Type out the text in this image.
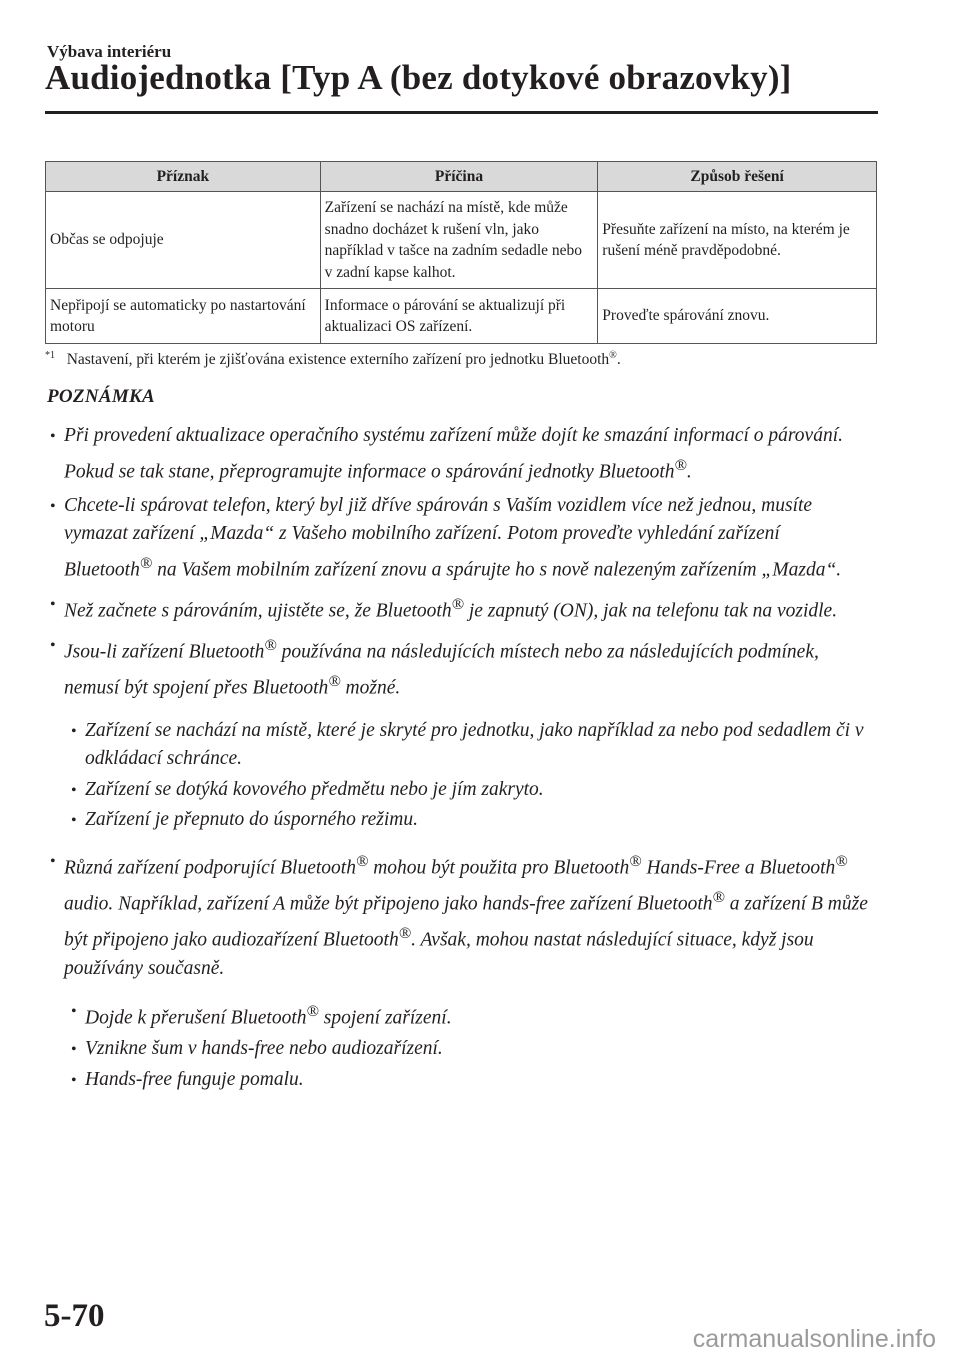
Výbava interiéru
Audiojednotka [Typ A (bez dotykové obrazovky)]
Příznak	Příčina	Způsob řešení
Občas se odpojuje	Zařízení se nachází na místě, kde může snadno docházet k rušení vln, jako například v tašce na zadním sedadle nebo v zadní kapse kalhot.	Přesuňte zařízení na místo, na kterém je rušení méně pravděpodobné.
Nepřipojí se automaticky po nastartování motoru	Informace o párování se aktualizují při aktualizaci OS zařízení.	Proveďte spárování znovu.
$^{*1}$ Nastavení, při kterém je zjišťována existence externího zařízení pro jednotku Bluetooth®.
POZNÁMKA
• Při provedení aktualizace operačního systému zařízení může dojít ke smazání informací o párování. Pokud se tak stane, přeprogramujte informace o spárování jednotky Bluetooth®.
• Chcete-li spárovat telefon, který byl již dříve spárován s Vaším vozidlem více než jednou, musíte vymazat zařízení „Mazda“ z Vašeho mobilního zařízení. Potom proveďte vyhledání zařízení Bluetooth® na Vašem mobilním zařízení znovu a spárujte ho s nově nalezeným zařízením „Mazda“.
• Než začnete s párováním, ujistěte se, že Bluetooth® je zapnutý (ON), jak na telefonu tak na vozidle.
• Jsou-li zařízení Bluetooth® používána na následujících místech nebo za následujících podmínek, nemusí být spojení přes Bluetooth® možné.
• Zařízení se nachází na místě, které je skryté pro jednotku, jako například za nebo pod sedadlem či v odkládací schránce.
• Zařízení se dotýká kovového předmětu nebo je jím zakryto.
• Zařízení je přepnuto do úsporného režimu.
• Různá zařízení podporující Bluetooth® mohou být použita pro Bluetooth® Hands-Free a Bluetooth® audio. Například, zařízení A může být připojeno jako hands-free zařízení Bluetooth® a zařízení B může být připojeno jako audiozařízení Bluetooth®. Avšak, mohou nastat následující situace, když jsou používány současně.
• Dojde k přerušení Bluetooth® spojení zařízení.
• Vznikne šum v hands-free nebo audiozařízení.
• Hands-free funguje pomalu.
5-70
carmanualsonline.info
